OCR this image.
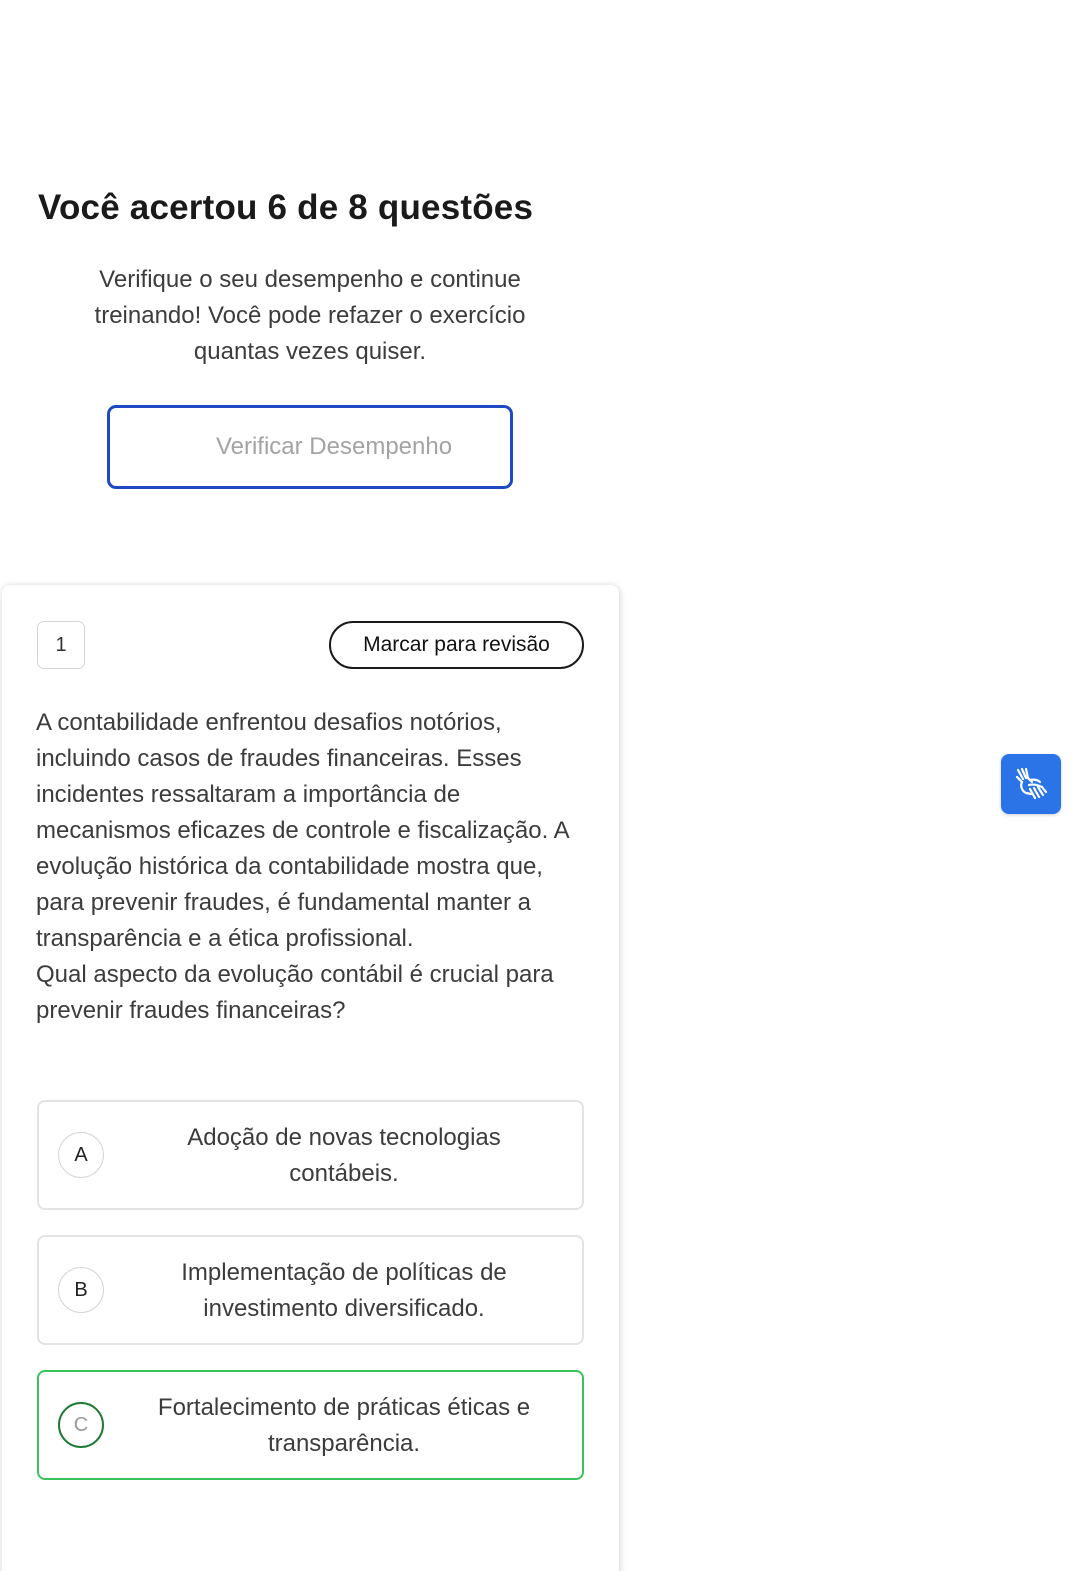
Você acertou 6 de 8 questões

Verifique o seu desempenho e continue treinando! Você pode refazer o exercício quantas vezes quiser.

Verificar Desempenho
1	Marcar para revisão

A contabilidade enfrentou desafios notórios, incluindo casos de fraudes financeiras. Esses incidentes ressaltaram a importância de mecanismos eficazes de controle e fiscalização. A evolução histórica da contabilidade mostra que, para prevenir fraudes, é fundamental manter a transparência e a ética profissional.
Qual aspecto da evolução contábil é crucial para prevenir fraudes financeiras?

A
Adoção de novas tecnologias contábeis.
B
Implementação de políticas de investimento diversificado.
C
Fortalecimento de práticas éticas e transparência.
